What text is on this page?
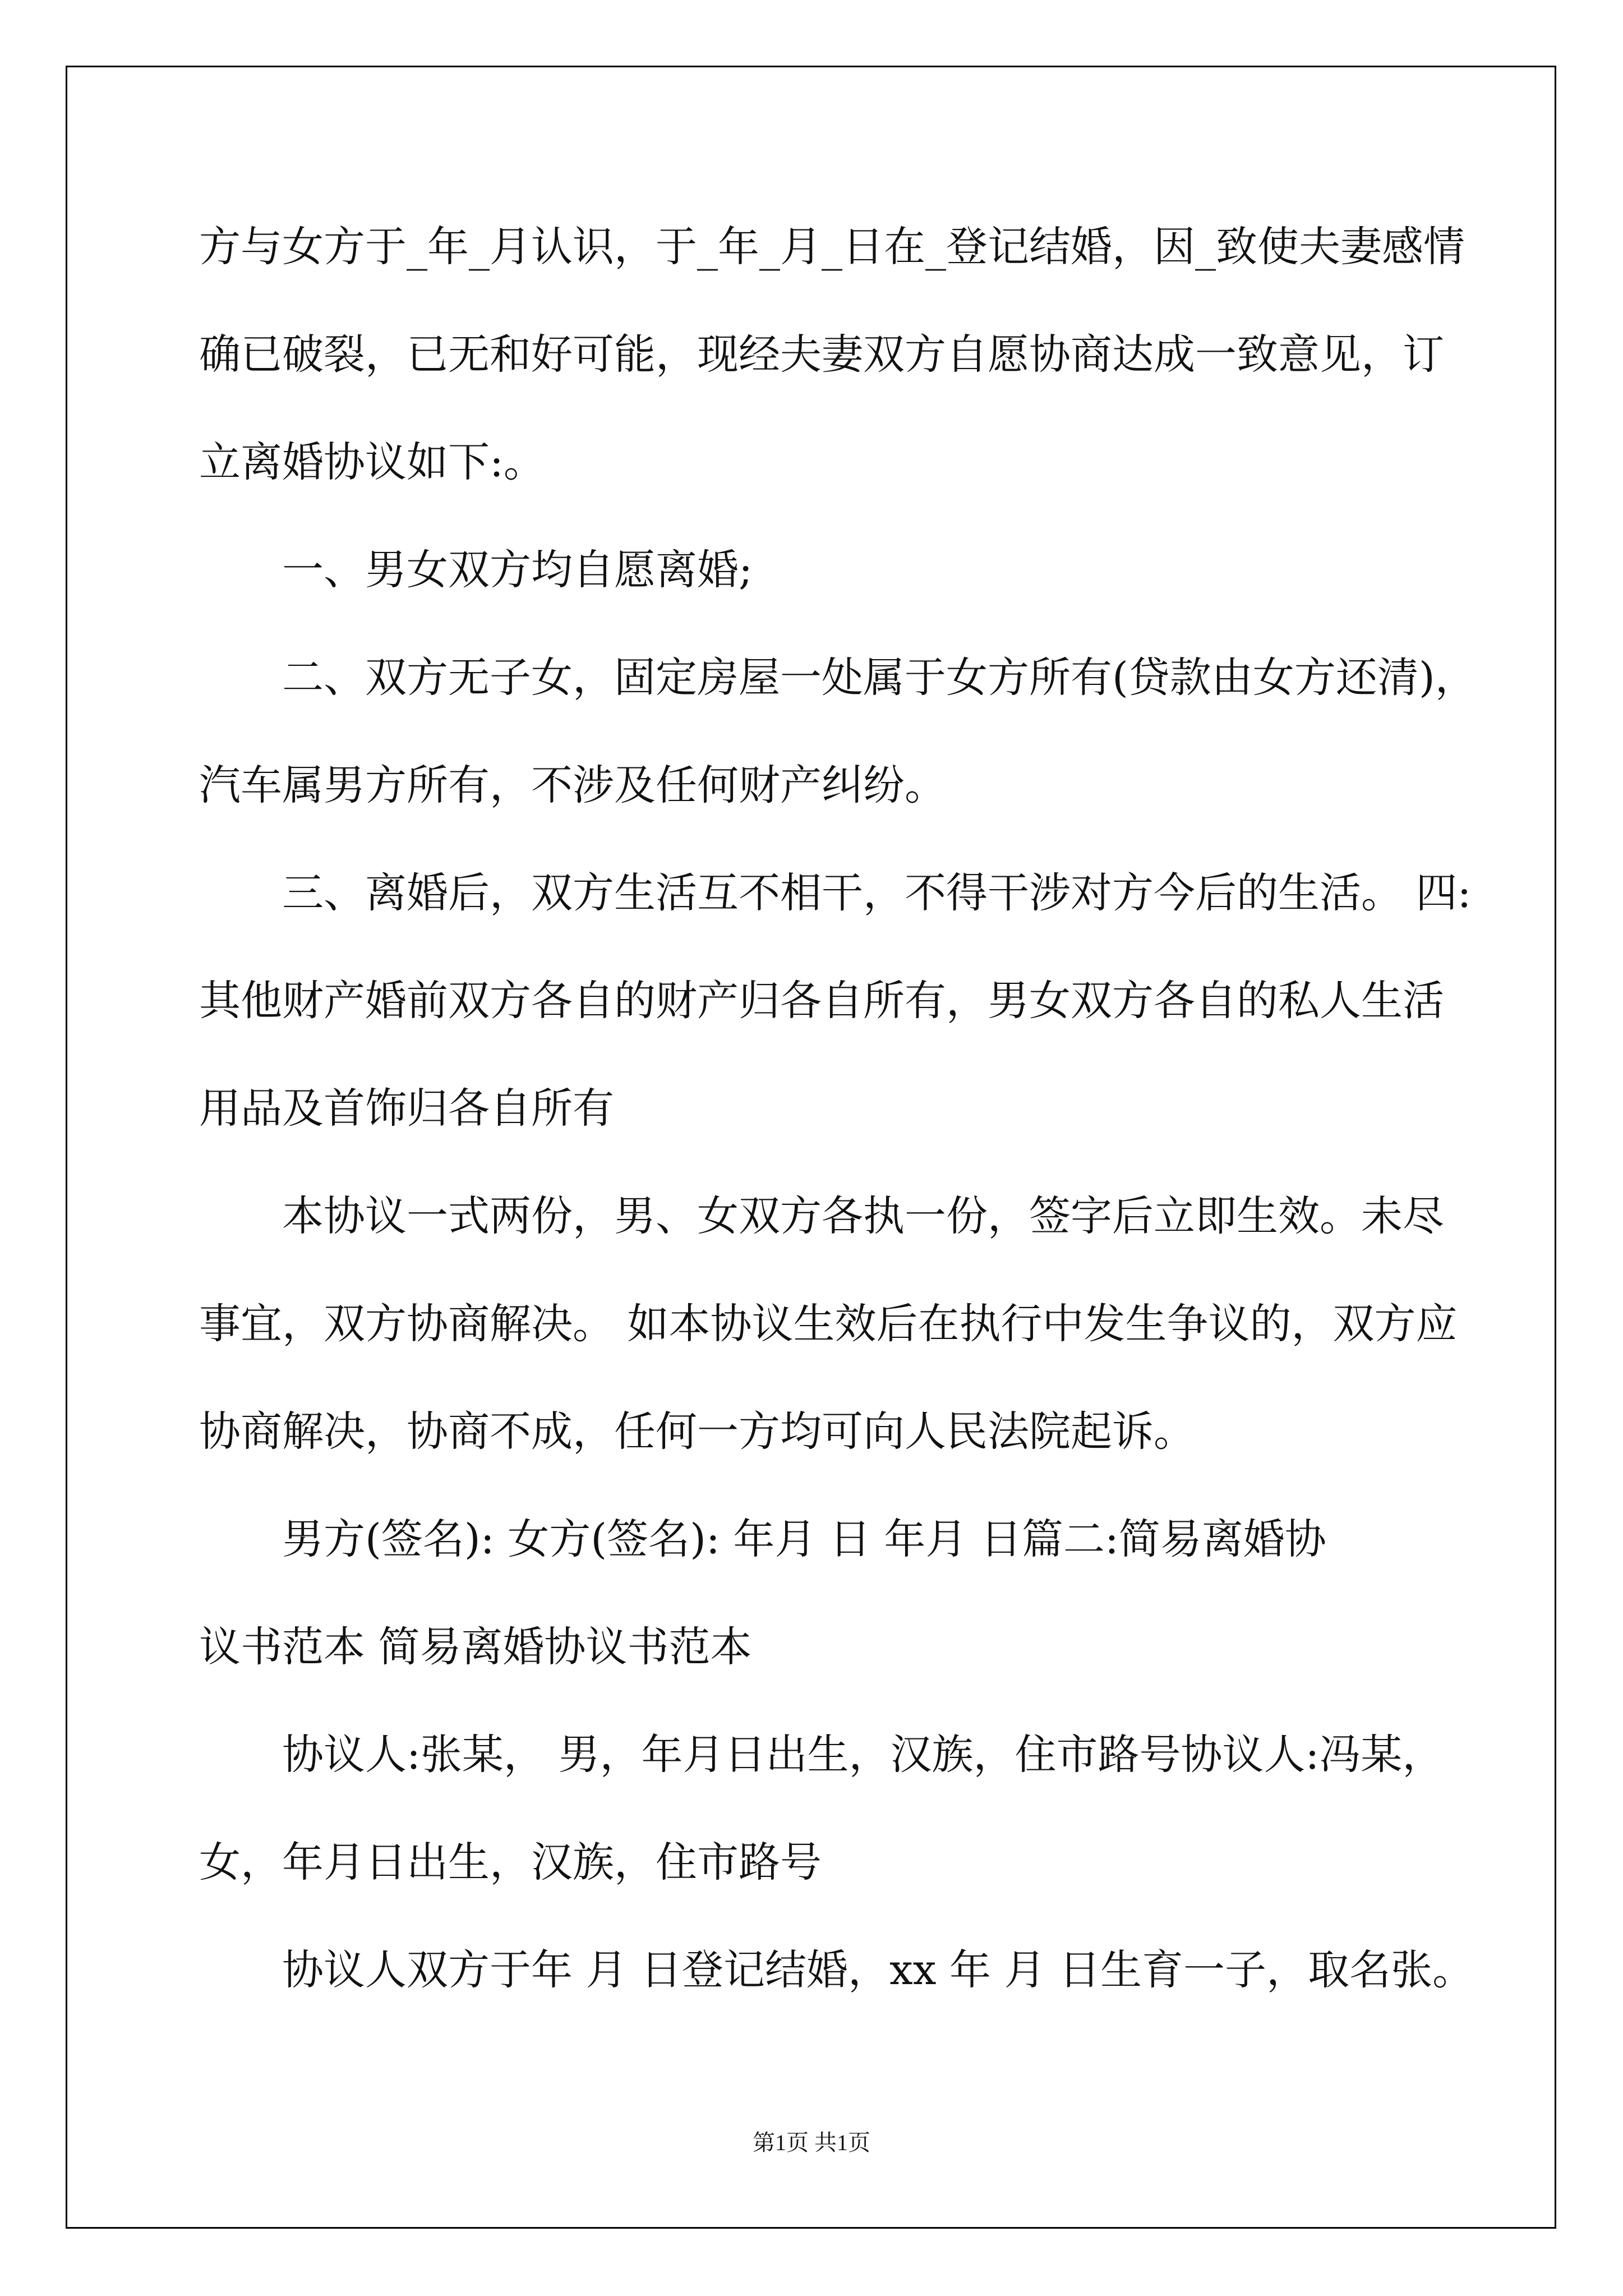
方与女方于_年_月认识，于_年_月_日在_登记结婚，因_致使夫妻感情
确已破裂，已无和好可能，现经夫妻双方自愿协商达成一致意见，订
立离婚协议如下:。
一、男女双方均自愿离婚;
二、双方无子女，固定房屋一处属于女方所有(贷款由女方还清)，
汽车属男方所有，不涉及任何财产纠纷。
三、离婚后，双方生活互不相干，不得干涉对方今后的生活。 四:
其他财产婚前双方各自的财产归各自所有，男女双方各自的私人生活
用品及首饰归各自所有
本协议一式两份，男、女双方各执一份，签字后立即生效。未尽
事宜，双方协商解决。 如本协议生效后在执行中发生争议的，双方应
协商解决，协商不成，任何一方均可向人民法院起诉。
男方(签名): 女方(签名): 年月 日 年月 日篇二:简易离婚协
议书范本 简易离婚协议书范本
协议人:张某， 男，年月日出生，汉族，住市路号协议人:冯某，
女，年月日出生，汉族，住市路号
协议人双方于年 月 日登记结婚，xx 年 月 日生育一子，取名张。
第1页 共1页
